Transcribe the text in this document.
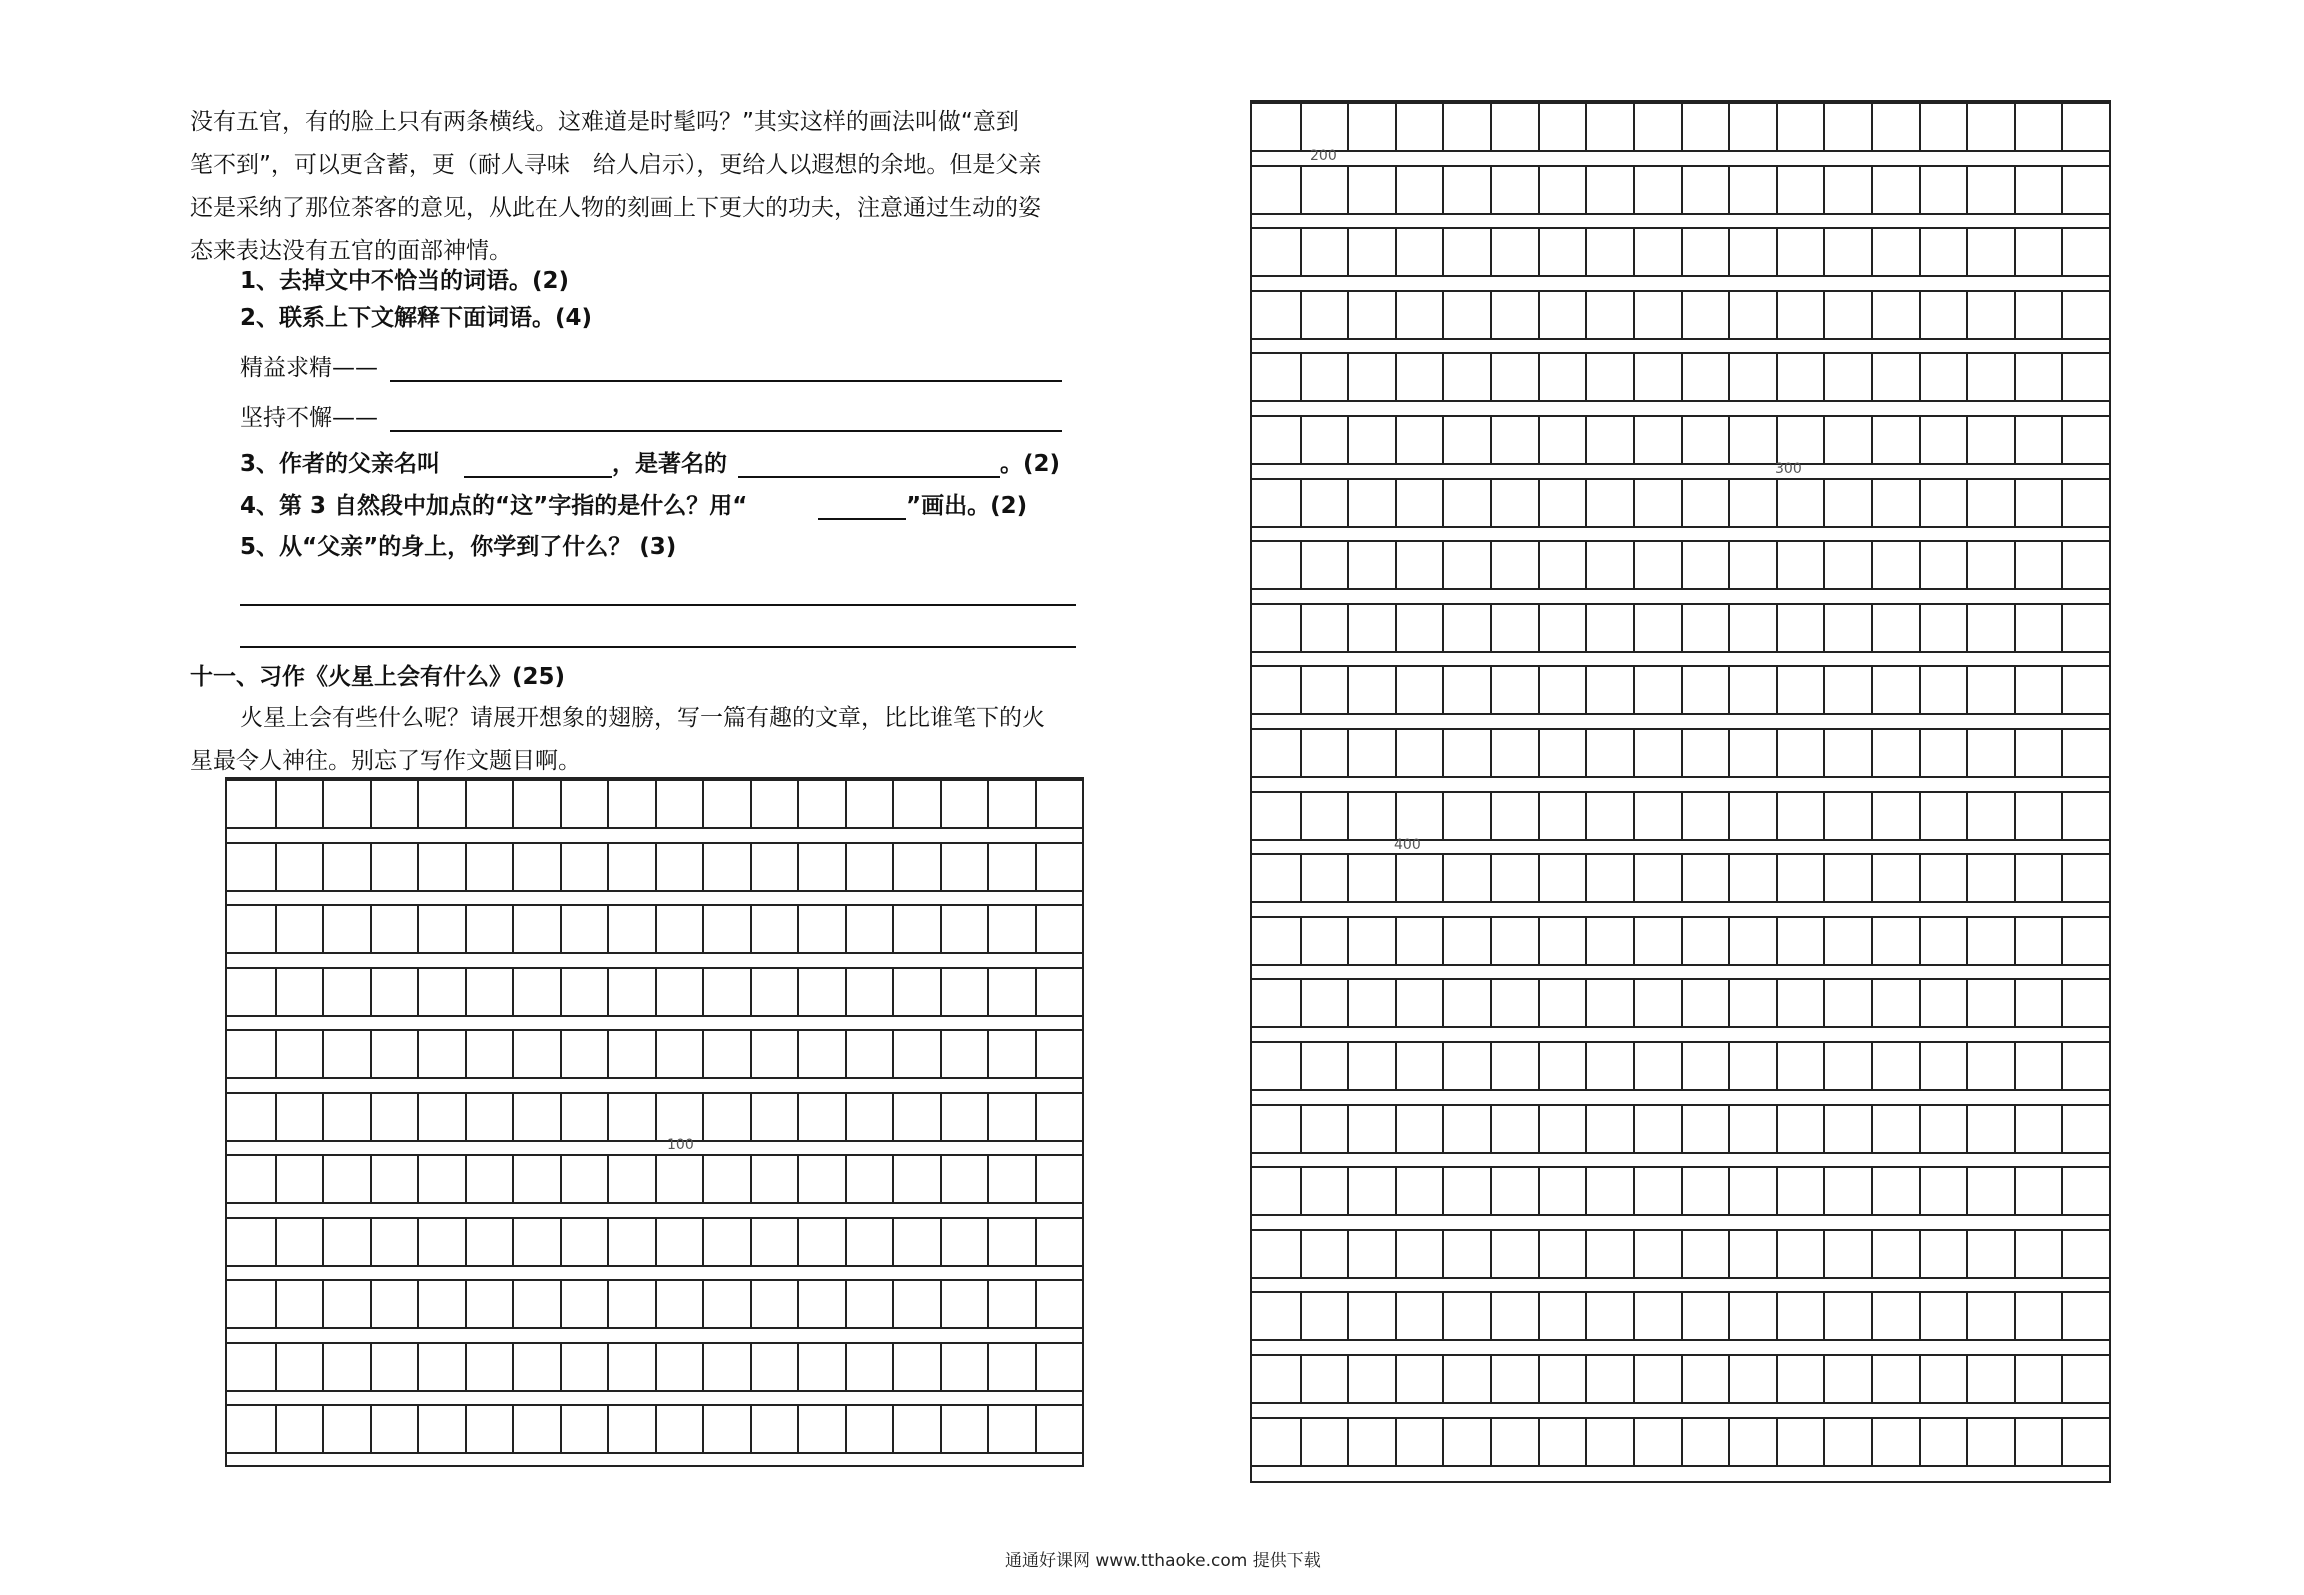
没有五官，有的脸上只有两条横线。这难道是时髦吗？”其实这样的画法叫做“意到
笔不到”，可以更含蓄，更（耐人寻味　给人启示），更给人以遐想的余地。但是父亲
还是采纳了那位茶客的意见，从此在人物的刻画上下更大的功夫，注意通过生动的姿
态来表达没有五官的面部神情。
1、去掉文中不恰当的词语。(2)
2、联系上下文解释下面词语。(4)
精益求精——
坚持不懈——
3、作者的父亲名叫	，是著名的	。(2)
4、第 3 自然段中加点的“这”字指的是什么？用“	”画出。(2)
5、从“父亲”的身上，你学到了什么？ (3)
十一、习作《火星上会有什么》(25)
火星上会有些什么呢？请展开想象的翅膀，写一篇有趣的文章，比比谁笔下的火
星最令人神往。别忘了写作文题目啊。
100
200
300
400
通通好课网 www.tthaoke.com 提供下载
